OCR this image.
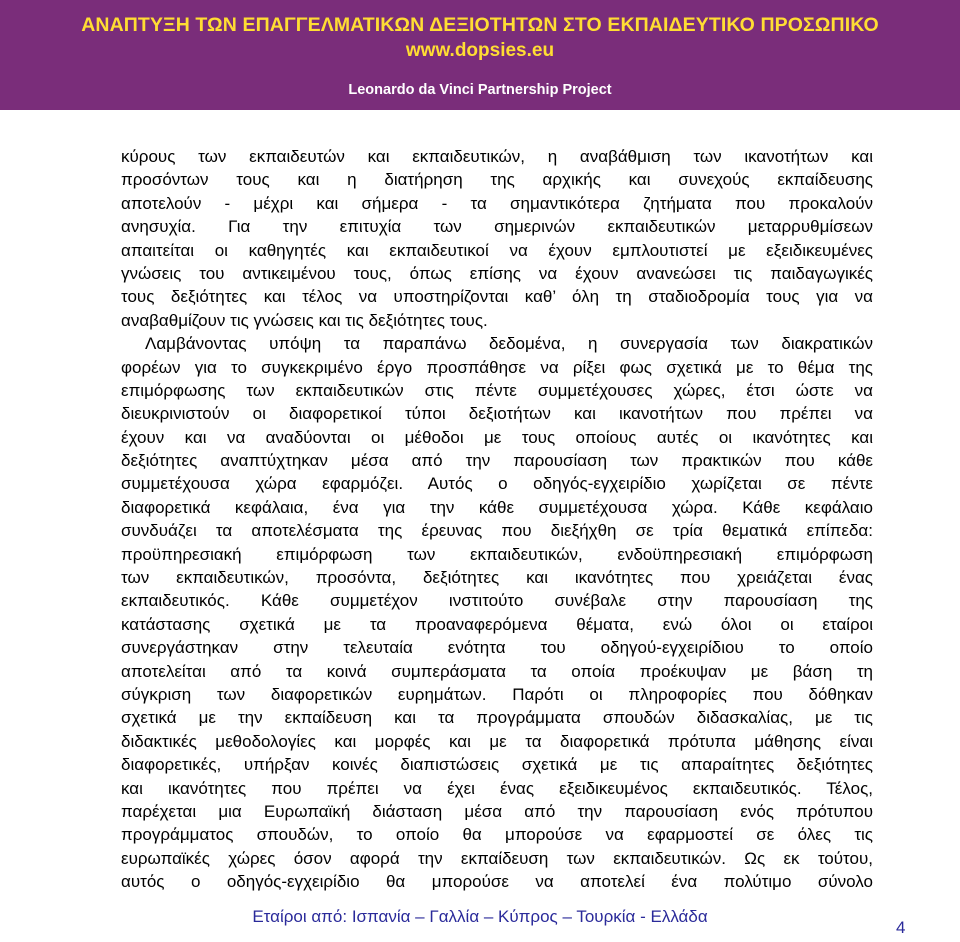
ΑΝΑΠΤΥΞΗ ΤΩΝ ΕΠΑΓΓΕΛΜΑΤΙΚΩΝ ΔΕΞΙΟΤΗΤΩΝ ΣΤΟ ΕΚΠΑΙΔΕΥΤΙΚΟ ΠΡΟΣΩΠΙΚΟ
www.dopsies.eu
Leonardo da Vinci Partnership Project
κύρους των εκπαιδευτών και εκπαιδευτικών, η αναβάθμιση των ικανοτήτων και
προσόντων τους και η διατήρηση της αρχικής και συνεχούς εκπαίδευσης
αποτελούν - μέχρι και σήμερα - τα σημαντικότερα ζητήματα που προκαλούν
ανησυχία. Για την επιτυχία των σημερινών εκπαιδευτικών μεταρρυθμίσεων
απαιτείται οι καθηγητές και εκπαιδευτικοί να έχουν εμπλουτιστεί με εξειδικευμένες
γνώσεις του αντικειμένου τους, όπως επίσης να έχουν ανανεώσει τις παιδαγωγικές
τους δεξιότητες και τέλος να υποστηρίζονται καθ’ όλη τη σταδιοδρομία τους για να
αναβαθμίζουν τις γνώσεις και τις δεξιότητες τους.
Λαμβάνοντας υπόψη τα παραπάνω δεδομένα, η συνεργασία των διακρατικών
φορέων για το συγκεκριμένο έργο προσπάθησε να ρίξει φως σχετικά με το θέμα της
επιμόρφωσης των εκπαιδευτικών στις πέντε συμμετέχουσες χώρες, έτσι ώστε να
διευκρινιστούν οι διαφορετικοί τύποι δεξιοτήτων και ικανοτήτων που πρέπει να
έχουν και να αναδύονται οι μέθοδοι με τους οποίους αυτές οι ικανότητες και
δεξιότητες αναπτύχτηκαν μέσα από την παρουσίαση των πρακτικών που κάθε
συμμετέχουσα χώρα εφαρμόζει. Αυτός ο οδηγός-εγχειρίδιο χωρίζεται σε πέντε
διαφορετικά κεφάλαια, ένα για την κάθε συμμετέχουσα χώρα. Κάθε κεφάλαιο
συνδυάζει τα αποτελέσματα της έρευνας που διεξήχθη σε τρία θεματικά επίπεδα:
προϋπηρεσιακή επιμόρφωση των εκπαιδευτικών, ενδοϋπηρεσιακή επιμόρφωση
των εκπαιδευτικών, προσόντα, δεξιότητες και ικανότητες που χρειάζεται ένας
εκπαιδευτικός. Κάθε συμμετέχον ινστιτούτο συνέβαλε στην παρουσίαση της
κατάστασης σχετικά με τα προαναφερόμενα θέματα, ενώ όλοι οι εταίροι
συνεργάστηκαν στην τελευταία ενότητα του οδηγού-εγχειρίδιου το οποίο
αποτελείται από τα κοινά συμπεράσματα τα οποία προέκυψαν με βάση τη
σύγκριση των διαφορετικών ευρημάτων. Παρότι οι πληροφορίες που δόθηκαν
σχετικά με την εκπαίδευση και τα προγράμματα σπουδών διδασκαλίας, με τις
διδακτικές μεθοδολογίες και μορφές και με τα διαφορετικά πρότυπα μάθησης είναι
διαφορετικές, υπήρξαν κοινές διαπιστώσεις σχετικά με τις απαραίτητες δεξιότητες
και ικανότητες που πρέπει να έχει ένας εξειδικευμένος εκπαιδευτικός. Τέλος,
παρέχεται μια Ευρωπαϊκή διάσταση μέσα από την παρουσίαση ενός πρότυπου
προγράμματος σπουδών, το οποίο θα μπορούσε να εφαρμοστεί σε όλες τις
ευρωπαϊκές χώρες όσον αφορά την εκπαίδευση των εκπαιδευτικών. Ως εκ τούτου,
αυτός ο οδηγός-εγχειρίδιο θα μπορούσε να αποτελεί ένα πολύτιμο σύνολο
Εταίροι από: Ισπανία – Γαλλία – Κύπρος – Τουρκία - Ελλάδα
4
